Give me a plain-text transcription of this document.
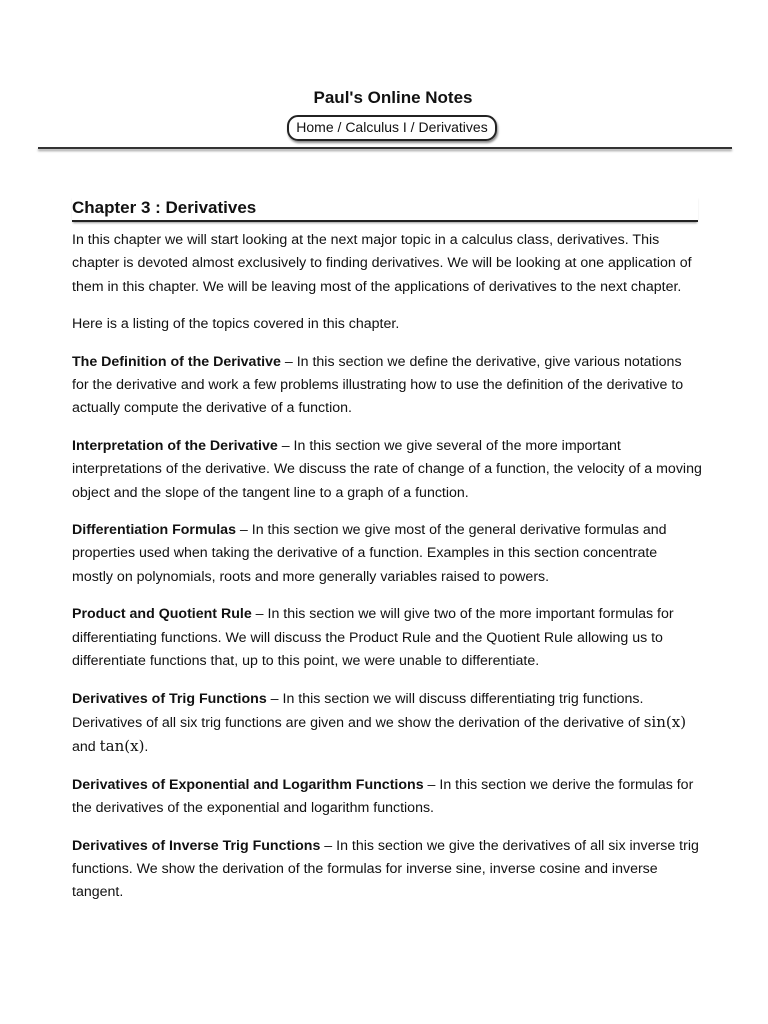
Paul's Online Notes
Home / Calculus I / Derivatives
Chapter 3 : Derivatives

In this chapter we will start looking at the next major topic in a calculus class, derivatives. This chapter is devoted almost exclusively to finding derivatives. We will be looking at one application of them in this chapter. We will be leaving most of the applications of derivatives to the next chapter.

Here is a listing of the topics covered in this chapter.

The Definition of the Derivative – In this section we define the derivative, give various notations for the derivative and work a few problems illustrating how to use the definition of the derivative to actually compute the derivative of a function.

Interpretation of the Derivative – In this section we give several of the more important interpretations of the derivative. We discuss the rate of change of a function, the velocity of a moving object and the slope of the tangent line to a graph of a function.

Differentiation Formulas – In this section we give most of the general derivative formulas and properties used when taking the derivative of a function. Examples in this section concentrate mostly on polynomials, roots and more generally variables raised to powers.

Product and Quotient Rule – In this section we will give two of the more important formulas for differentiating functions. We will discuss the Product Rule and the Quotient Rule allowing us to differentiate functions that, up to this point, we were unable to differentiate.

Derivatives of Trig Functions – In this section we will discuss differentiating trig functions. Derivatives of all six trig functions are given and we show the derivation of the derivative of sin(x) and tan(x).

Derivatives of Exponential and Logarithm Functions – In this section we derive the formulas for the derivatives of the exponential and logarithm functions.

Derivatives of Inverse Trig Functions – In this section we give the derivatives of all six inverse trig functions. We show the derivation of the formulas for inverse sine, inverse cosine and inverse tangent.
